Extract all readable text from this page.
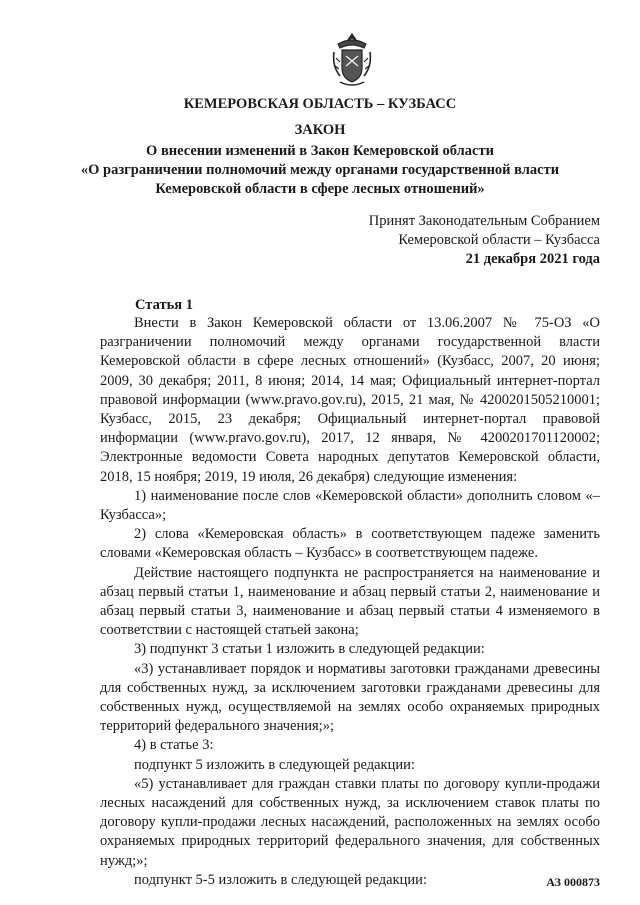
КЕМЕРОВСКАЯ ОБЛАСТЬ – КУЗБАСС

ЗАКОН

О внесении изменений в Закон Кемеровской области
«О разграничении полномочий между органами государственной власти
Кемеровской области в сфере лесных отношений»
Принят Законодательным Собранием
Кемеровской области – Кузбасса
21 декабря 2021 года
Статья 1

Внести в Закон Кемеровской области от 13.06.2007 № 75-ОЗ «О разграничении полномочий между органами государственной власти Кемеровской области в сфере лесных отношений» (Кузбасс, 2007, 20 июня; 2009, 30 декабря; 2011, 8 июня; 2014, 14 мая; Официальный интернет-портал правовой информации (www.pravo.gov.ru), 2015, 21 мая, № 4200201505210001; Кузбасс, 2015, 23 декабря; Официальный интернет-портал правовой информации (www.pravo.gov.ru), 2017, 12 января, № 4200201701120002; Электронные ведомости Совета народных депутатов Кемеровской области, 2018, 15 ноября; 2019, 19 июля, 26 декабря) следующие изменения:

1) наименование после слов «Кемеровской области» дополнить словом «– Кузбасса»;

2) слова «Кемеровская область» в соответствующем падеже заменить словами «Кемеровская область – Кузбасс» в соответствующем падеже.

Действие настоящего подпункта не распространяется на наименование и абзац первый статьи 1, наименование и абзац первый статьи 2, наименование и абзац первый статьи 3, наименование и абзац первый статьи 4 изменяемого в соответствии с настоящей статьей закона;

3) подпункт 3 статьи 1 изложить в следующей редакции:

«3) устанавливает порядок и нормативы заготовки гражданами древесины для собственных нужд, за исключением заготовки гражданами древесины для собственных нужд, осуществляемой на землях особо охраняемых природных территорий федерального значения;»;

4) в статье 3:

подпункт 5 изложить в следующей редакции:

«5) устанавливает для граждан ставки платы по договору купли-продажи лесных насаждений для собственных нужд, за исключением ставок платы по договору купли-продажи лесных насаждений, расположенных на землях особо охраняемых природных территорий федерального значения, для собственных нужд;»;

подпункт 5-5 изложить в следующей редакции:	АЗ 000873
